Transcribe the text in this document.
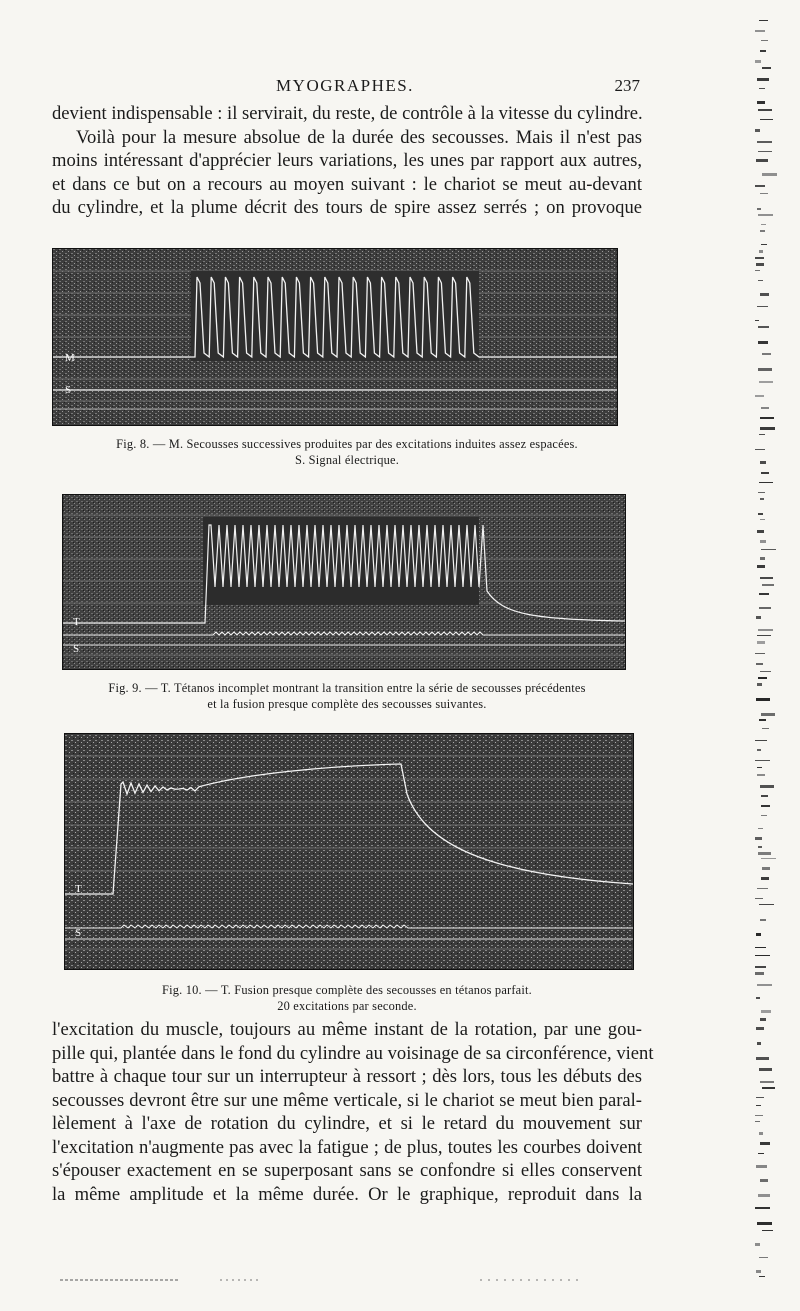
MYOGRAPHES.	237
devient indispensable : il servirait, du reste, de contrôle à la vitesse du cylindre.
Voilà pour la mesure absolue de la durée des secousses. Mais il n'est pas
moins intéressant d'apprécier leurs variations, les unes par rapport aux autres,
et dans ce but on a recours au moyen suivant : le chariot se meut au-devant
du cylindre, et la plume décrit des tours de spire assez serrés ; on provoque
M
S
Fig. 8. — M. Secousses successives produites par des excitations induites assez espacées.
S. Signal électrique.
T
S
Fig. 9. — T. Tétanos incomplet montrant la transition entre la série de secousses précédentes
et la fusion presque complète des secousses suivantes.
T
S
Fig. 10. — T. Fusion presque complète des secousses en tétanos parfait.
20 excitations par seconde.
l'excitation du muscle, toujours au même instant de la rotation, par une gou-
pille qui, plantée dans le fond du cylindre au voisinage de sa circonférence, vient
battre à chaque tour sur un interrupteur à ressort ; dès lors, tous les débuts des
secousses devront être sur une même verticale, si le chariot se meut bien paral-
lèlement à l'axe de rotation du cylindre, et si le retard du mouvement sur
l'excitation n'augmente pas avec la fatigue ; de plus, toutes les courbes doivent
s'épouser exactement en se superposant sans se confondre si elles conservent
la même amplitude et la même durée. Or le graphique, reproduit dans la
